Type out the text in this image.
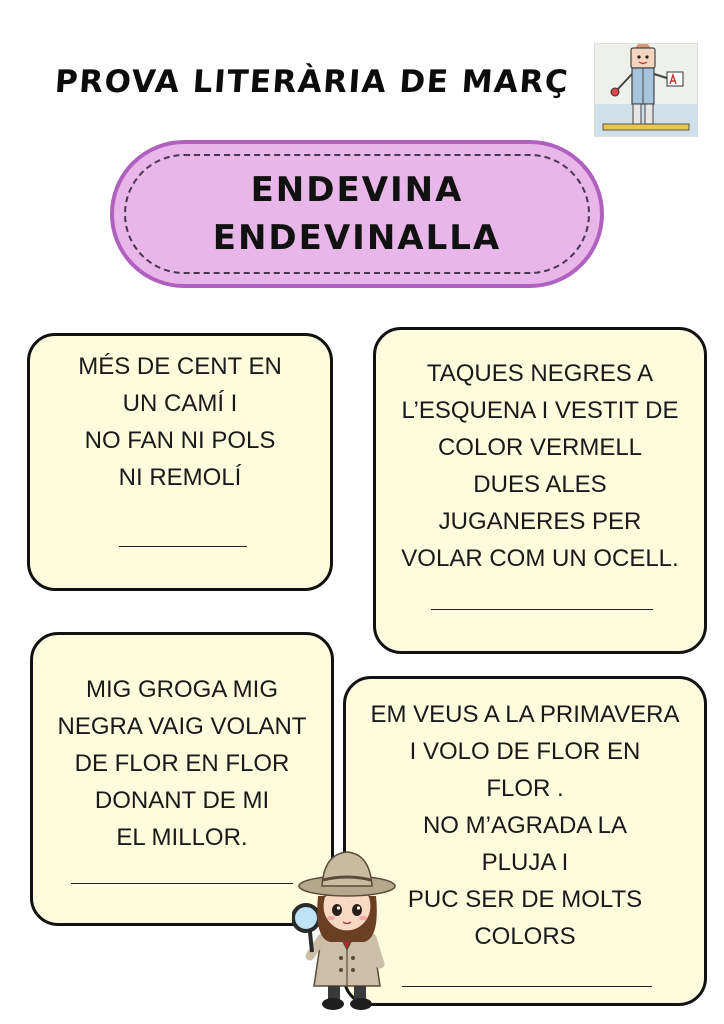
PROVA LITERÀRIA DE MARÇ
ENDEVINA
ENDEVINALLA
MÉS DE CENT EN
UN CAMÍ I
NO FAN NI POLS
NI REMOLÍ
TAQUES NEGRES A
L’ESQUENA I VESTIT DE
COLOR VERMELL
DUES ALES
JUGANERES PER
VOLAR COM UN OCELL.
MIG GROGA MIG
NEGRA VAIG VOLANT
DE FLOR EN FLOR
DONANT DE MI
EL MILLOR.
EM VEUS A LA PRIMAVERA
I VOLO DE FLOR EN
FLOR .
NO M’AGRADA LA
PLUJA I
PUC SER DE MOLTS
COLORS
